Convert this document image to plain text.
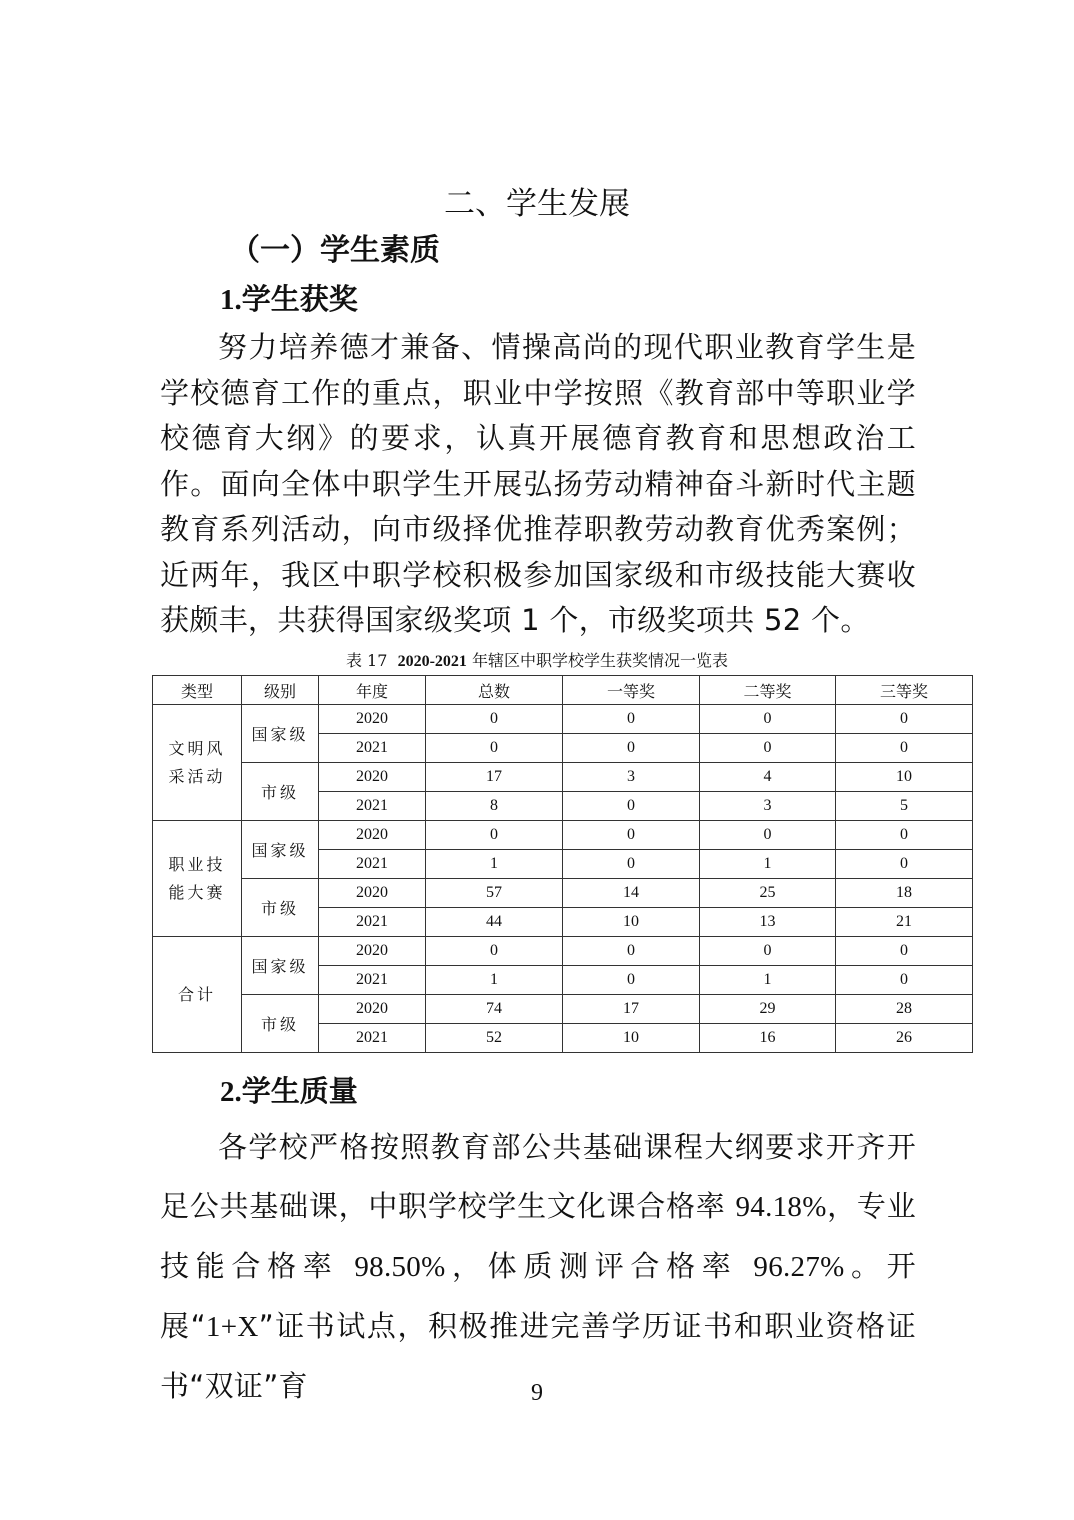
二、学生发展
（一）学生素质
1.学生获奖

努力培养德才兼备、情操高尚的现代职业教育学生是学校德育工作的重点，职业中学按照《教育部中等职业学校德育大纲》的要求，认真开展德育教育和思想政治工作。面向全体中职学生开展弘扬劳动精神奋斗新时代主题教育系列活动，向市级择优推荐职教劳动教育优秀案例；近两年，我区中职学校积极参加国家级和市级技能大赛收获颇丰，共获得国家级奖项 1 个，市级奖项共 52 个。

表 17 2020-2021 年辖区中职学校学生获奖情况一览表
类型	级别	年度	总数	一等奖	二等奖	三等奖
文明风采活动	国家级	2020	0	0	0	0
		2021	0	0	0	0
	市级	2020	17	3	4	10
		2021	8	0	3	5
职业技能大赛	国家级	2020	0	0	0	0
		2021	1	0	1	0
	市级	2020	57	14	25	18
		2021	44	10	13	21
合计	国家级	2020	0	0	0	0
		2021	1	0	1	0
	市级	2020	74	17	29	28
		2021	52	10	16	26
2.学生质量

各学校严格按照教育部公共基础课程大纲要求开齐开足公共基础课，中职学校学生文化课合格率 94.18%，专业技能合格率 98.50%，体质测评合格率 96.27%。开展“1+X”证书试点，积极推进完善学历证书和职业资格证书“双证”育	9
